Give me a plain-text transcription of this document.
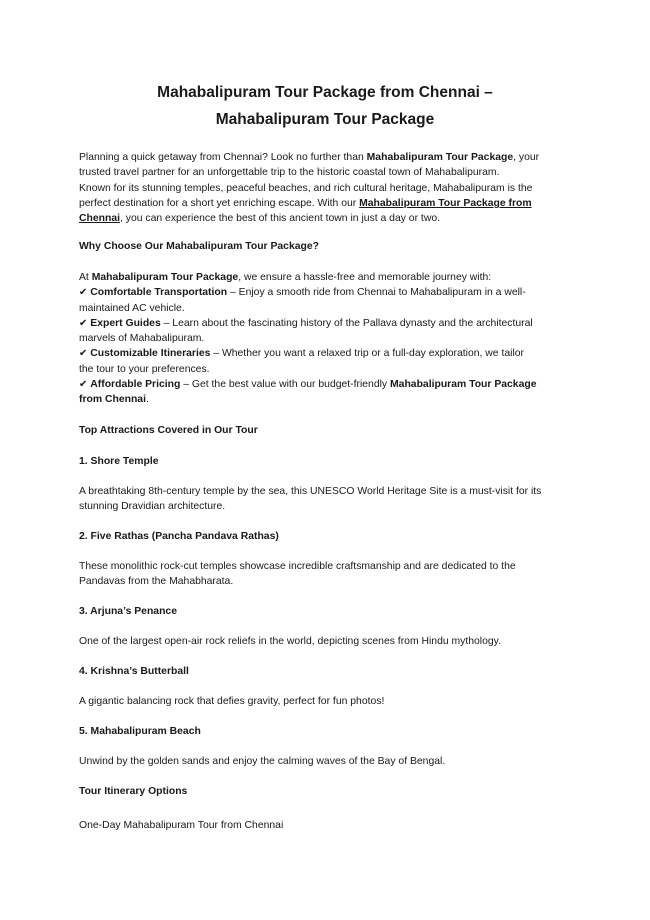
Mahabalipuram Tour Package from Chennai –
Mahabalipuram Tour Package

Planning a quick getaway from Chennai? Look no further than Mahabalipuram Tour Package, your
trusted travel partner for an unforgettable trip to the historic coastal town of Mahabalipuram.
Known for its stunning temples, peaceful beaches, and rich cultural heritage, Mahabalipuram is the
perfect destination for a short yet enriching escape. With our Mahabalipuram Tour Package from
Chennai, you can experience the best of this ancient town in just a day or two.

Why Choose Our Mahabalipuram Tour Package?

At Mahabalipuram Tour Package, we ensure a hassle-free and memorable journey with:
✔ Comfortable Transportation – Enjoy a smooth ride from Chennai to Mahabalipuram in a well-
maintained AC vehicle.
✔ Expert Guides – Learn about the fascinating history of the Pallava dynasty and the architectural
marvels of Mahabalipuram.
✔ Customizable Itineraries – Whether you want a relaxed trip or a full-day exploration, we tailor
the tour to your preferences.
✔ Affordable Pricing – Get the best value with our budget-friendly Mahabalipuram Tour Package
from Chennai.

Top Attractions Covered in Our Tour

1. Shore Temple

A breathtaking 8th-century temple by the sea, this UNESCO World Heritage Site is a must-visit for its
stunning Dravidian architecture.

2. Five Rathas (Pancha Pandava Rathas)

These monolithic rock-cut temples showcase incredible craftsmanship and are dedicated to the
Pandavas from the Mahabharata.

3. Arjuna’s Penance

One of the largest open-air rock reliefs in the world, depicting scenes from Hindu mythology.

4. Krishna’s Butterball

A gigantic balancing rock that defies gravity, perfect for fun photos!

5. Mahabalipuram Beach

Unwind by the golden sands and enjoy the calming waves of the Bay of Bengal.

Tour Itinerary Options

One-Day Mahabalipuram Tour from Chennai
